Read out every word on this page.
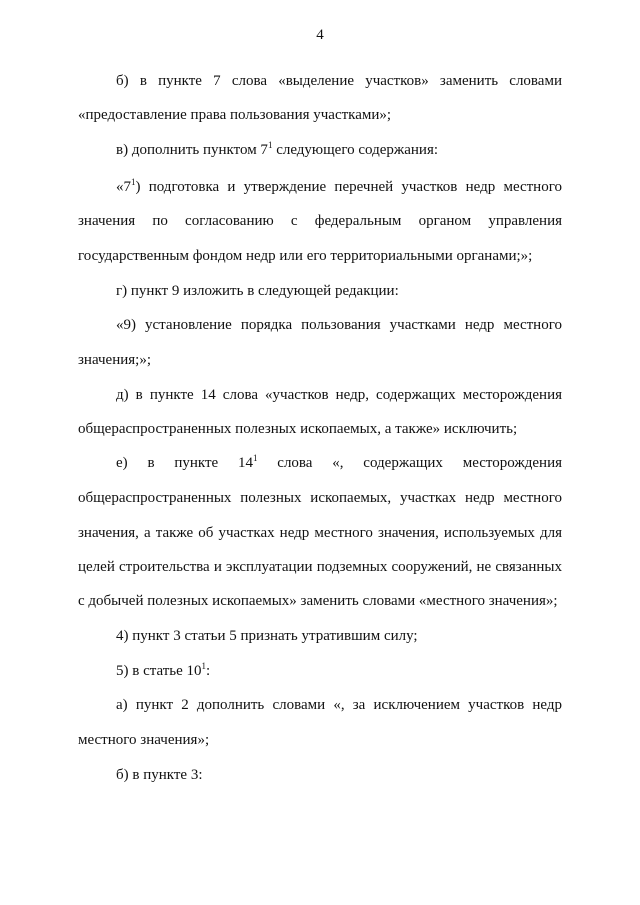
4
б) в пункте 7 слова «выделение участков» заменить словами
«предоставление права пользования участками»;
в) дополнить пунктом $7^1$ следующего содержания:
«$7^1$) подготовка и утверждение перечней участков недр местного
значения по согласованию с федеральным органом управления
государственным фондом недр или его территориальными органами;»;
г) пункт 9 изложить в следующей редакции:
«9) установление порядка пользования участками недр местного
значения;»;
д) в пункте 14 слова «участков недр, содержащих месторождения
общераспространенных полезных ископаемых, а также» исключить;
е) в пункте $14^1$ слова «, содержащих месторождения
общераспространенных полезных ископаемых, участках недр местного
значения, а также об участках недр местного значения, используемых для
целей строительства и эксплуатации подземных сооружений, не связанных
с добычей полезных ископаемых» заменить словами «местного значения»;
4) пункт 3 статьи 5 признать утратившим силу;
5) в статье $10^1$:
а) пункт 2 дополнить словами «, за исключением участков недр
местного значения»;
б) в пункте 3:
